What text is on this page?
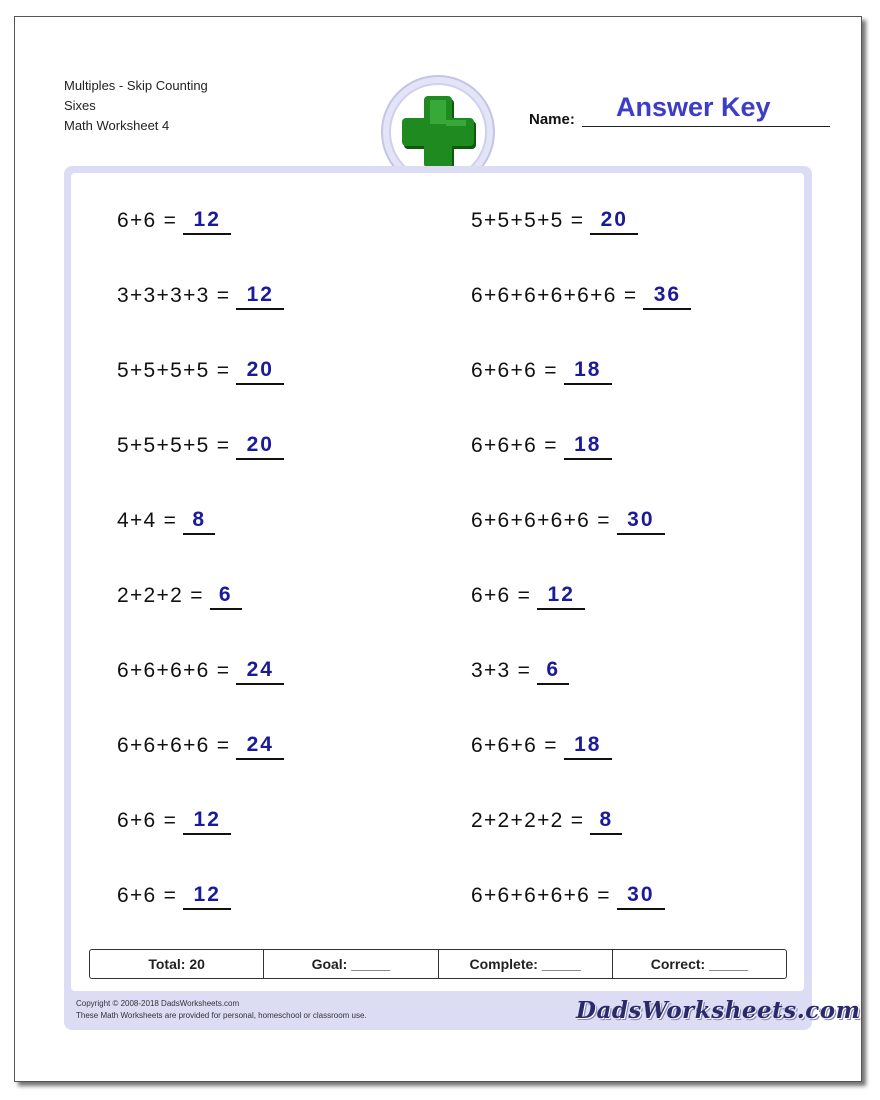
Multiples - Skip Counting
Sixes
Math Worksheet 4	Name: Answer Key
6+6 = 12
3+3+3+3 = 12
5+5+5+5 = 20
5+5+5+5 = 20
4+4 = 8
2+2+2 = 6
6+6+6+6 = 24
6+6+6+6 = 24
6+6 = 12
6+6 = 12
5+5+5+5 = 20
6+6+6+6+6+6 = 36
6+6+6 = 18
6+6+6 = 18
6+6+6+6+6 = 30
6+6 = 12
3+3 = 6
6+6+6 = 18
2+2+2+2 = 8
6+6+6+6+6 = 30
Total: 20	Goal: _____	Complete: _____	Correct: _____
Copyright © 2008-2018 DadsWorksheets.com
These Math Worksheets are provided for personal, homeschool or classroom use.	DadsWorksheets.com
